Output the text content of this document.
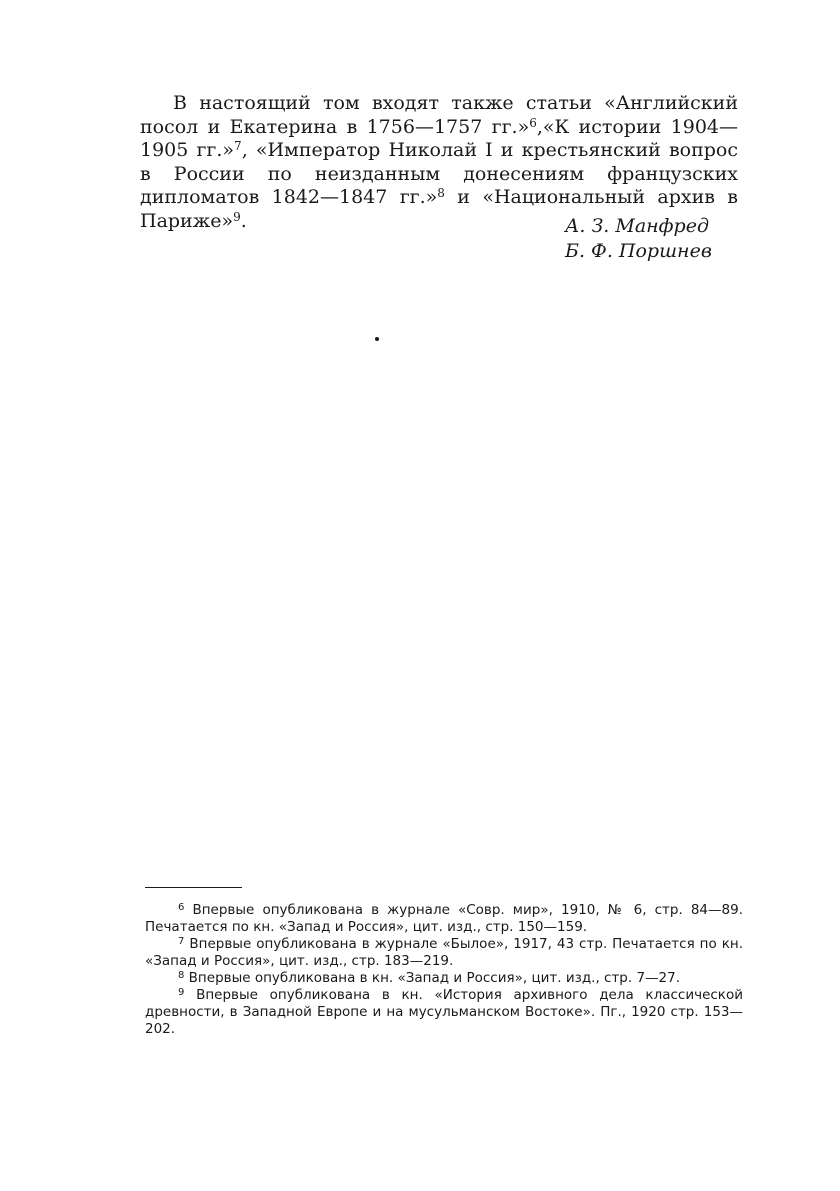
В настоящий том входят также статьи «Английский посол и Екатерина в 1756—1757 гг.»$^6$,«К истории 1904—1905 гг.»$^7$, «Император Николай I и крестьянский вопрос в России по неизданным донесениям французских дипломатов 1842—1847 гг.»$^8$ и «Национальный архив в Париже»$^9$.	А. З. Манфред
Б. Ф. Поршнев

$^6$ Впервые опубликована в журнале «Совр. мир», 1910, № 6, стр. 84—89. Печатается по кн. «Запад и Россия», цит. изд., стр. 150—159.

$^7$ Впервые опубликована в журнале «Былое», 1917, 43 стр. Печатается по кн. «Запад и Россия», цит. изд., стр. 183—219.

$^8$ Впервые опубликована в кн. «Запад и Россия», цит. изд., стр. 7—27.

$^9$ Впервые опубликована в кн. «История архивного дела классической древности, в Западной Европе и на мусульманском Востоке». Пг., 1920 стр. 153—202.
